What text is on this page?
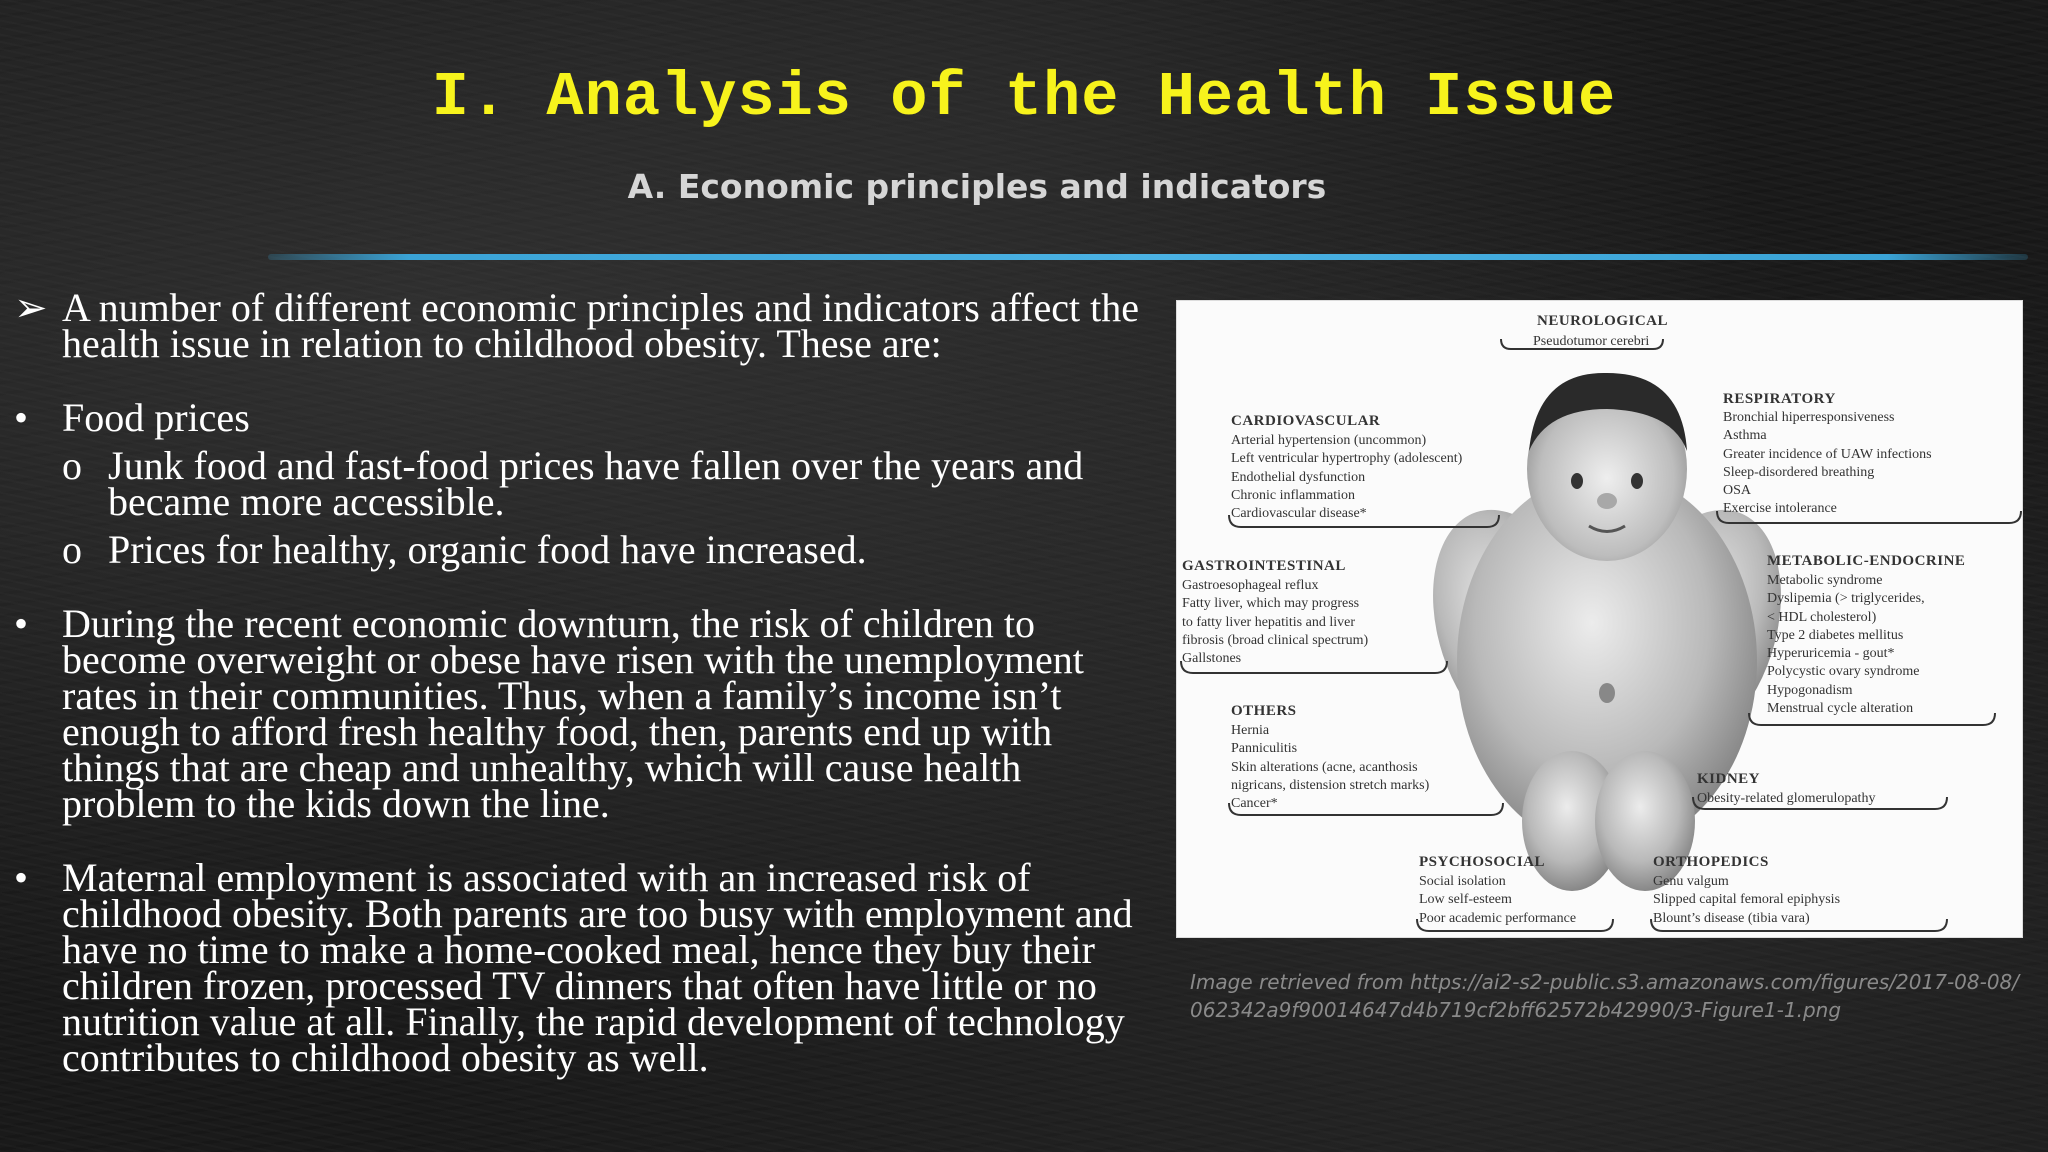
I. Analysis of the Health Issue
A. Economic principles and indicators
➢ A number of different economic principles and indicators affect the health issue in relation to childhood obesity. These are:
• Food prices
o Junk food and fast-food prices have fallen over the years and became more accessible.
o Prices for healthy, organic food have increased.
• During the recent economic downturn, the risk of children to become overweight or obese have risen with the unemployment rates in their communities. Thus, when a family’s income isn’t enough to afford fresh healthy food, then, parents end up with things that are cheap and unhealthy, which will cause health problem to the kids down the line.
• Maternal employment is associated with an increased risk of childhood obesity. Both parents are too busy with employment and have no time to make a home-cooked meal, hence they buy their children frozen, processed TV dinners that often have little or no nutrition value at all. Finally, the rapid development of technology contributes to childhood obesity as well.
NEUROLOGICAL
Pseudotumor cerebri
CARDIOVASCULAR
Arterial hypertension (uncommon)
Left ventricular hypertrophy (adolescent)
Endothelial dysfunction
Chronic inflammation
Cardiovascular disease*
RESPIRATORY
Bronchial hiperresponsiveness
Asthma
Greater incidence of UAW infections
Sleep-disordered breathing
OSA
Exercise intolerance
GASTROINTESTINAL
Gastroesophageal reflux
Fatty liver, which may progress
to fatty liver hepatitis and liver
fibrosis (broad clinical spectrum)
Gallstones
METABOLIC-ENDOCRINE
Metabolic syndrome
Dyslipemia (> triglycerides,
< HDL cholesterol)
Type 2 diabetes mellitus
Hyperuricemia - gout*
Polycystic ovary syndrome
Hypogonadism
Menstrual cycle alteration
OTHERS
Hernia
Panniculitis
Skin alterations (acne, acanthosis
nigricans, distension stretch marks)
Cancer*
KIDNEY
Obesity-related glomerulopathy
PSYCHOSOCIAL
Social isolation
Low self-esteem
Poor academic performance
ORTHOPEDICS
Genu valgum
Slipped capital femoral epiphysis
Blount’s disease (tibia vara)
Image retrieved from https://ai2-s2-public.s3.amazonaws.com/figures/2017-08-08/062342a9f90014647d4b719cf2bff62572b42990/3-Figure1-1.png
